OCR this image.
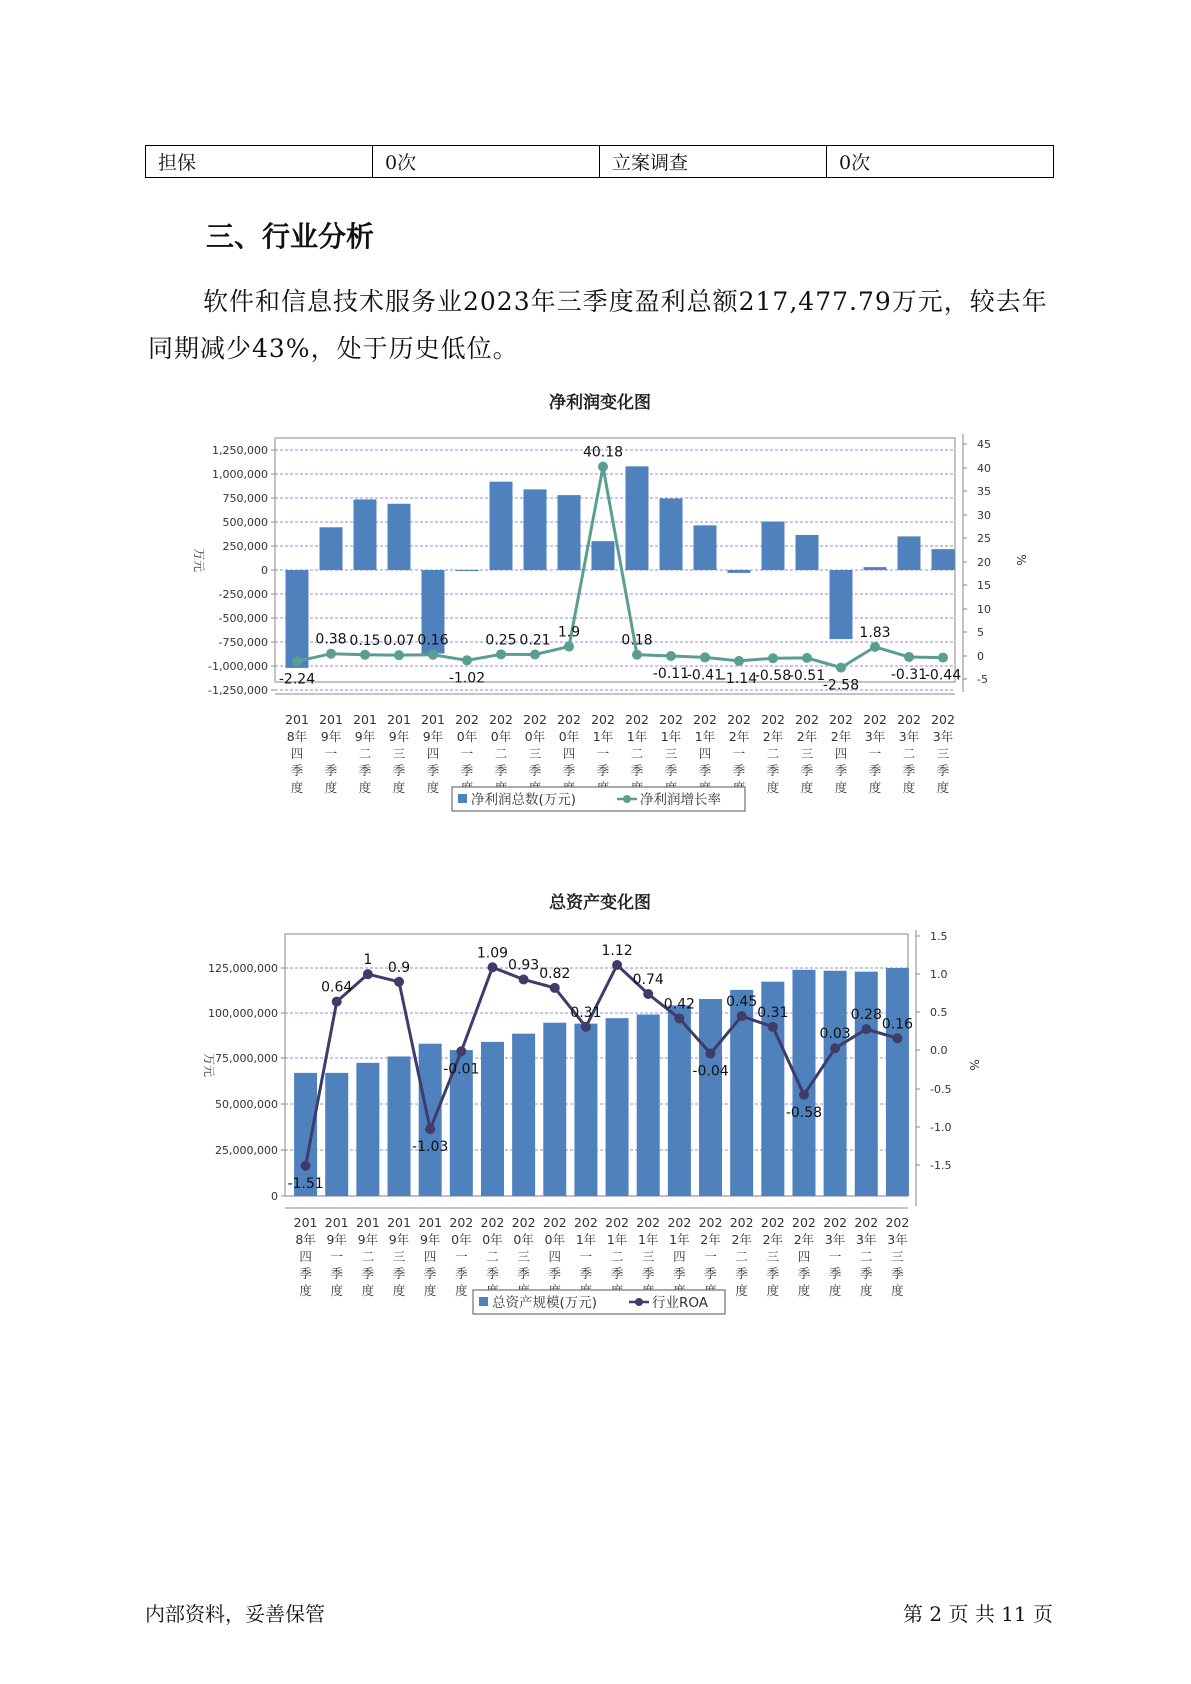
担保	0次	立案调查	0次
三、行业分析

软件和信息技术服务业2023年三季度盈利总额217,477.79万元，较去年同期减少43%，处于历史低位。

净利润变化图
1,250,000
1,000,000
750,000
500,000
250,000
0
-250,000
-500,000
-750,000
-1,000,000
-1,250,000
45
40
35
30
25
20
15
10
5
0
-5
万元	%
-2.24
0.38 0.15 0.07 0.16
-1.02
0.25 0.21 1.9
40.18
0.18
-0.11
-0.41
-1.14
-0.58
-0.51
-2.58
1.83
-0.31
-0.44
201
8年
四
季
度
201
9年
一
季
度
201
9年
二
季
度
201
9年
三
季
度
201
9年
四
季
度
202
0年
一
季
202
0年
二
季
202
0年
三
季
202
0年
四
季
202
1年
一
季
202
1年
二
季
202
1年
三
季
202
1年
四
季
202
2年
一
季
202
2年
二
季
度
202
2年
三
季
度
202
2年
四
季
度
202
3年
一
季
度
202
3年
二
季
度
202
3年
三
季
度
净利润总数(万元)	净利润增长率
总资产变化图
125,000,000
100,000,000
75,000,000
50,000,000
25,000,000
0
1.5
1.0
0.5
0.0
-0.5
-1.0
-1.5
万元	%
-1.51
0.64
1 0.9
-1.03
-0.01
1.09
0.93
0.82
0.31
1.12
0.74
0.42
-0.04
0.45
0.31
-0.58
0.03
0.28
0.16
201
8年
四
季
度
201
9年
一
季
度
201
9年
二
季
度
201
9年
三
季
度
201
9年
四
季
度
202
0年
一
季
度
202
0年
二
季
202
0年
三
季
202
0年
四
季
202
1年
一
季
202
1年
二
季
202
1年
三
季
202
1年
四
季
202
2年
一
季
202
2年
二
季
度
202
2年
三
季
度
202
2年
四
季
度
202
3年
一
季
度
202
3年
二
季
度
202
3年
三
季
度
总资产规模(万元)	行业ROA
内部资料，妥善保管	第 2 页 共 11 页
